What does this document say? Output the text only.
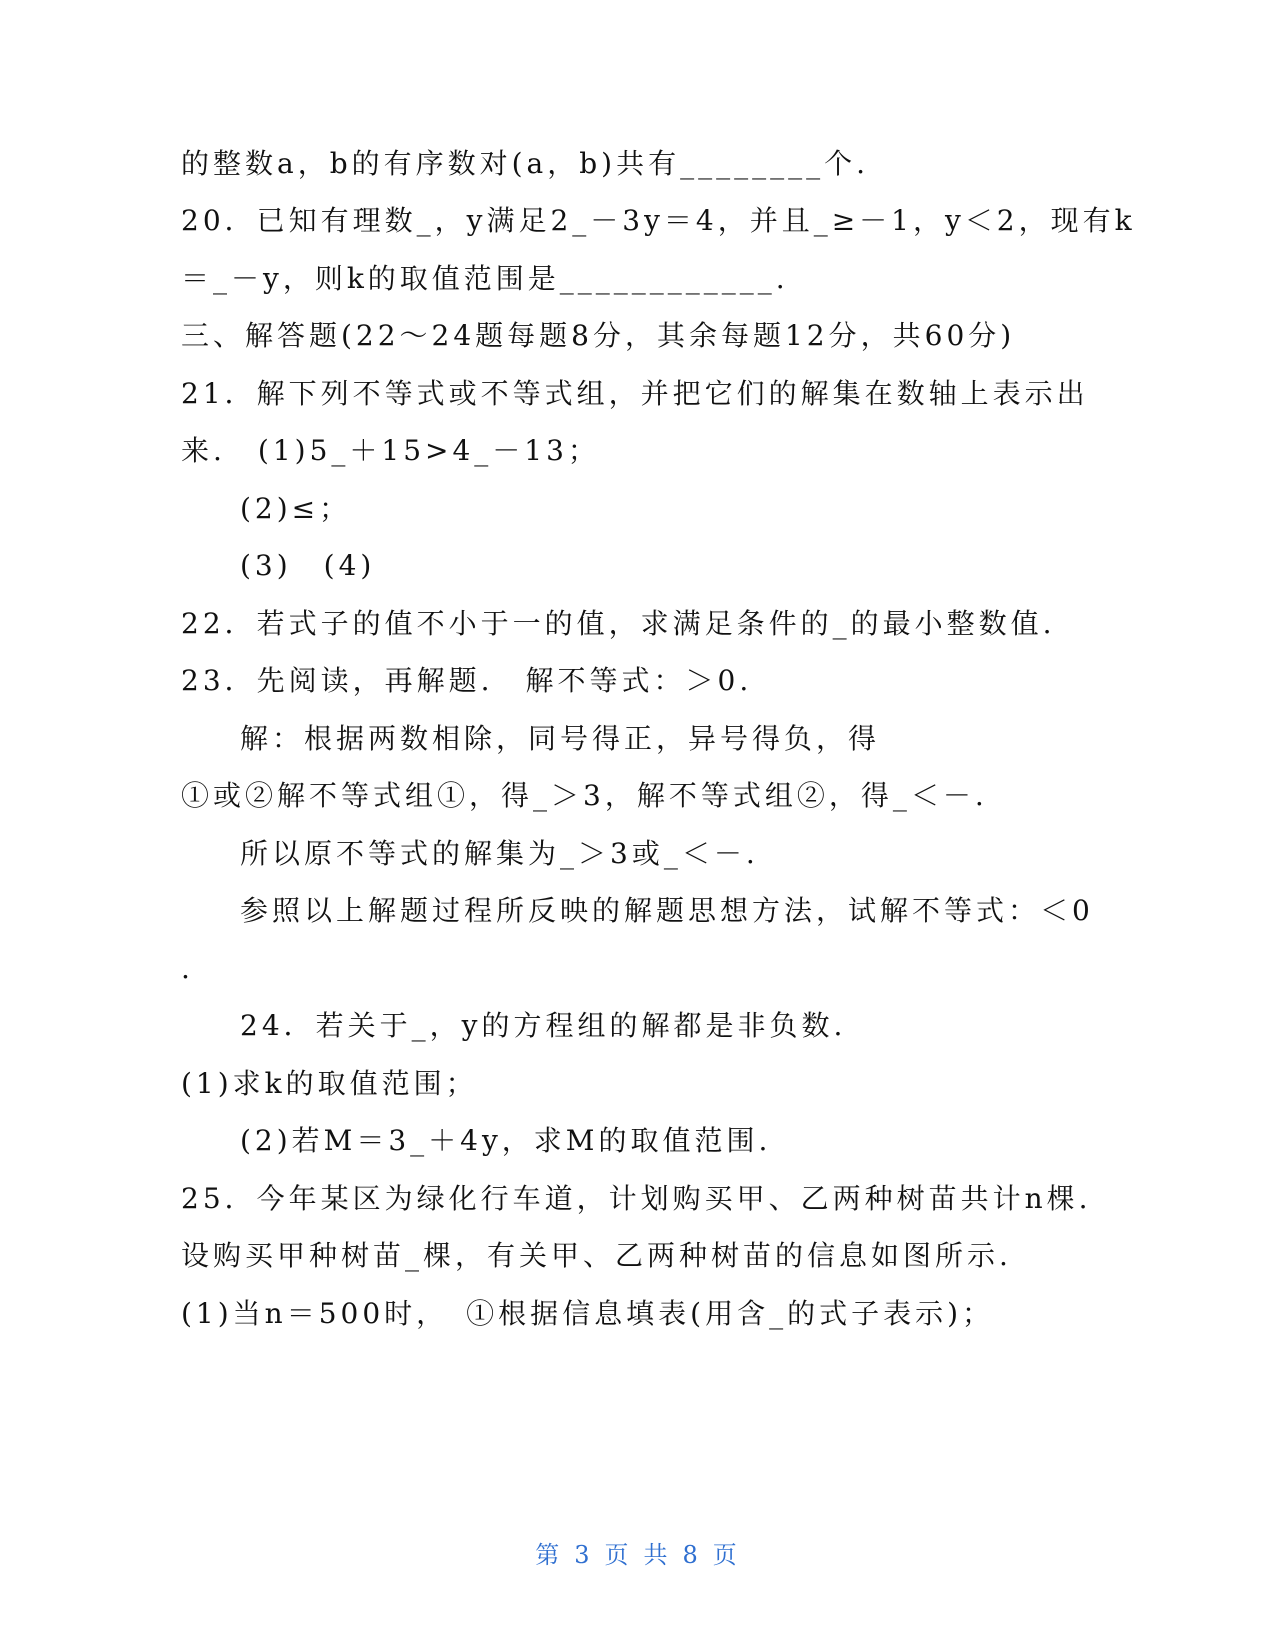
的整数a，b的有序数对(a，b)共有________个.
20．已知有理数_，y满足2_－3y＝4，并且_≥－1，y＜2，现有k
＝_－y，则k的取值范围是____________.
三、解答题(22～24题每题8分，其余每题12分，共60分)
21．解下列不等式或不等式组，并把它们的解集在数轴上表示出
来.　(1)5_＋15>4_－13；
(2)≤；
(3)　(4)
22．若式子的值不小于一的值，求满足条件的_的最小整数值.
23．先阅读，再解题.　解不等式：＞0.
解：根据两数相除，同号得正，异号得负，得
①或②解不等式组①，得_＞3，解不等式组②，得_＜－.
所以原不等式的解集为_＞3或_＜－.
参照以上解题过程所反映的解题思想方法，试解不等式：＜0
.
24．若关于_，y的方程组的解都是非负数.
(1)求k的取值范围；
(2)若M＝3_＋4y，求M的取值范围.
25．今年某区为绿化行车道，计划购买甲、乙两种树苗共计n棵.
设购买甲种树苗_棵，有关甲、乙两种树苗的信息如图所示.
(1)当n＝500时，　①根据信息填表(用含_的式子表示)；
第 3 页 共 8 页
